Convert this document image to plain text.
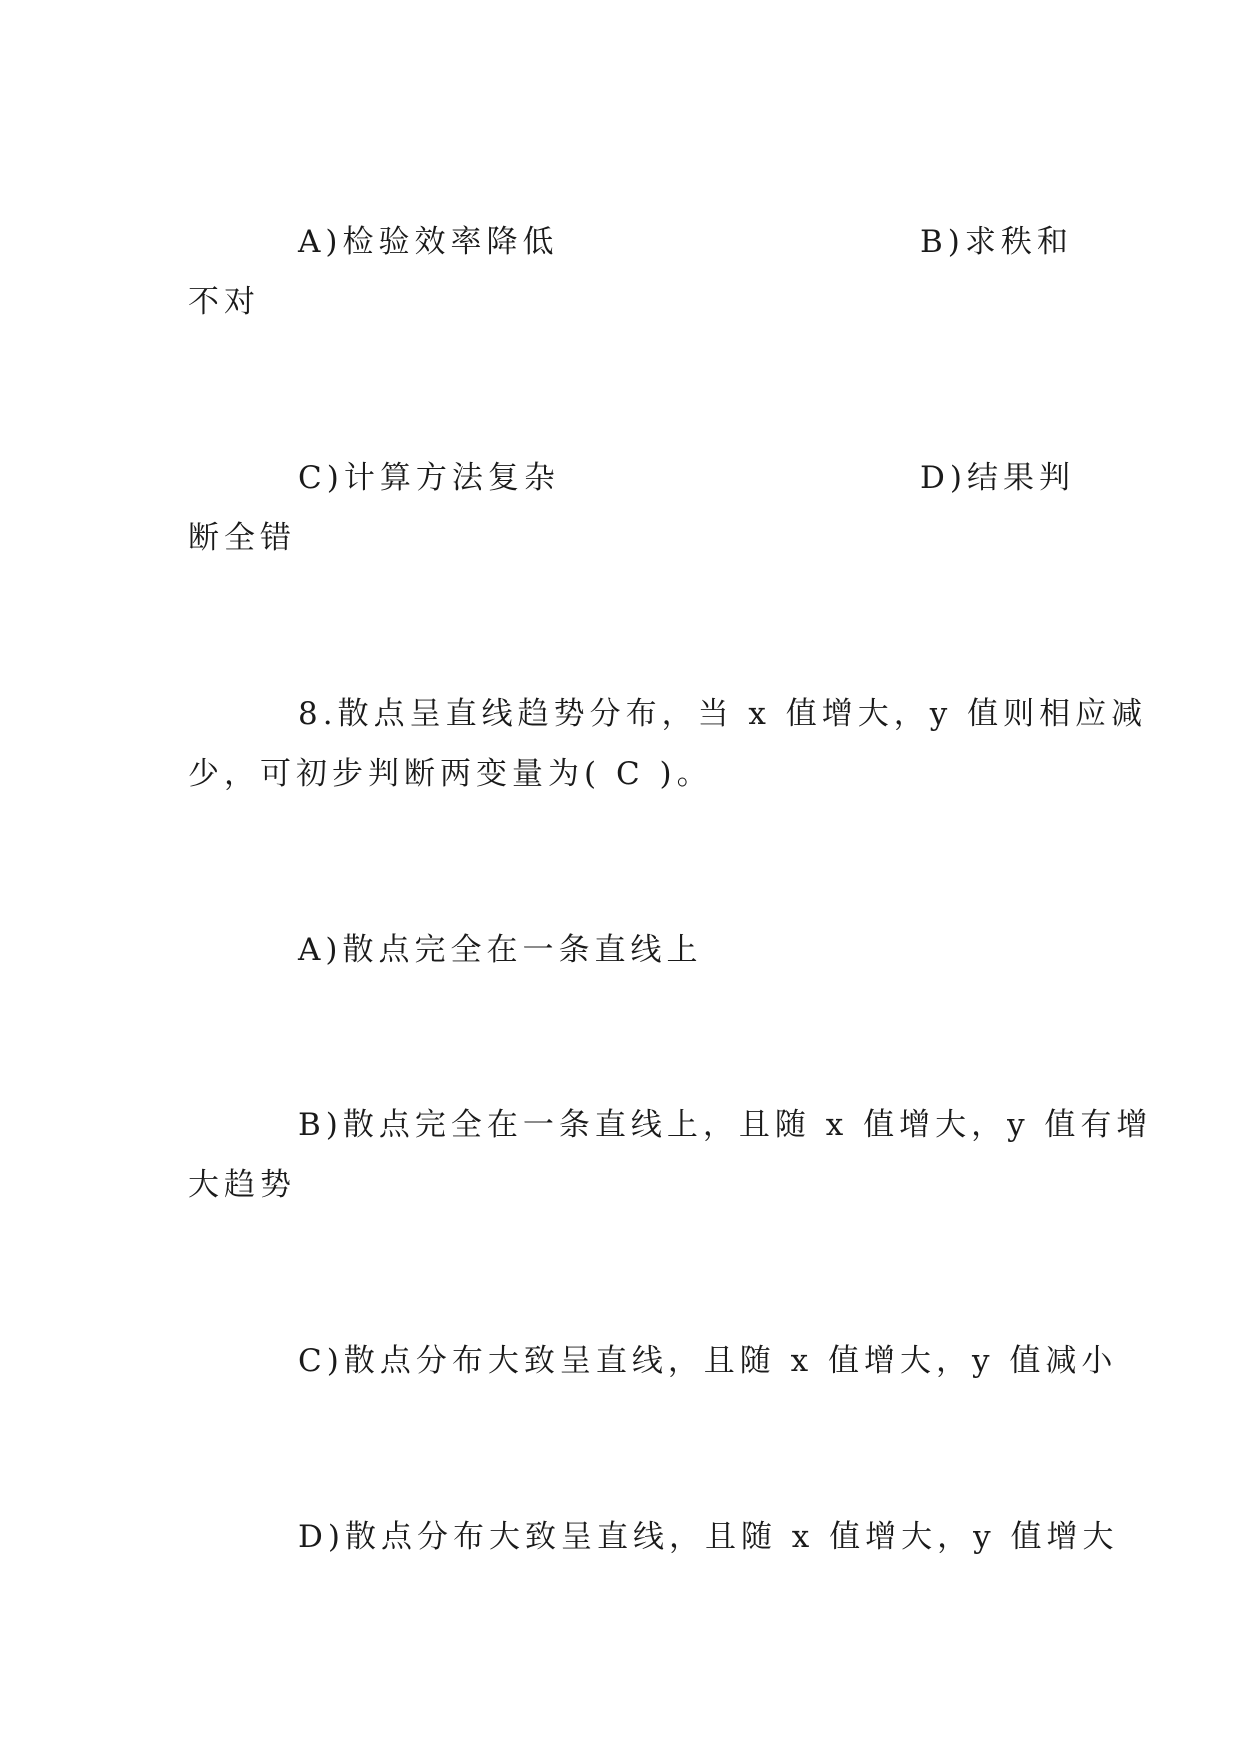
A)检验效率降低	B)求秩和
不对
C)计算方法复杂	D)结果判
断全错
8.散点呈直线趋势分布，当 x 值增大，y 值则相应减
少，可初步判断两变量为( C )。
A)散点完全在一条直线上
B)散点完全在一条直线上，且随 x 值增大，y 值有增
大趋势
C)散点分布大致呈直线，且随 x 值增大，y 值减小
D)散点分布大致呈直线，且随 x 值增大，y 值增大
